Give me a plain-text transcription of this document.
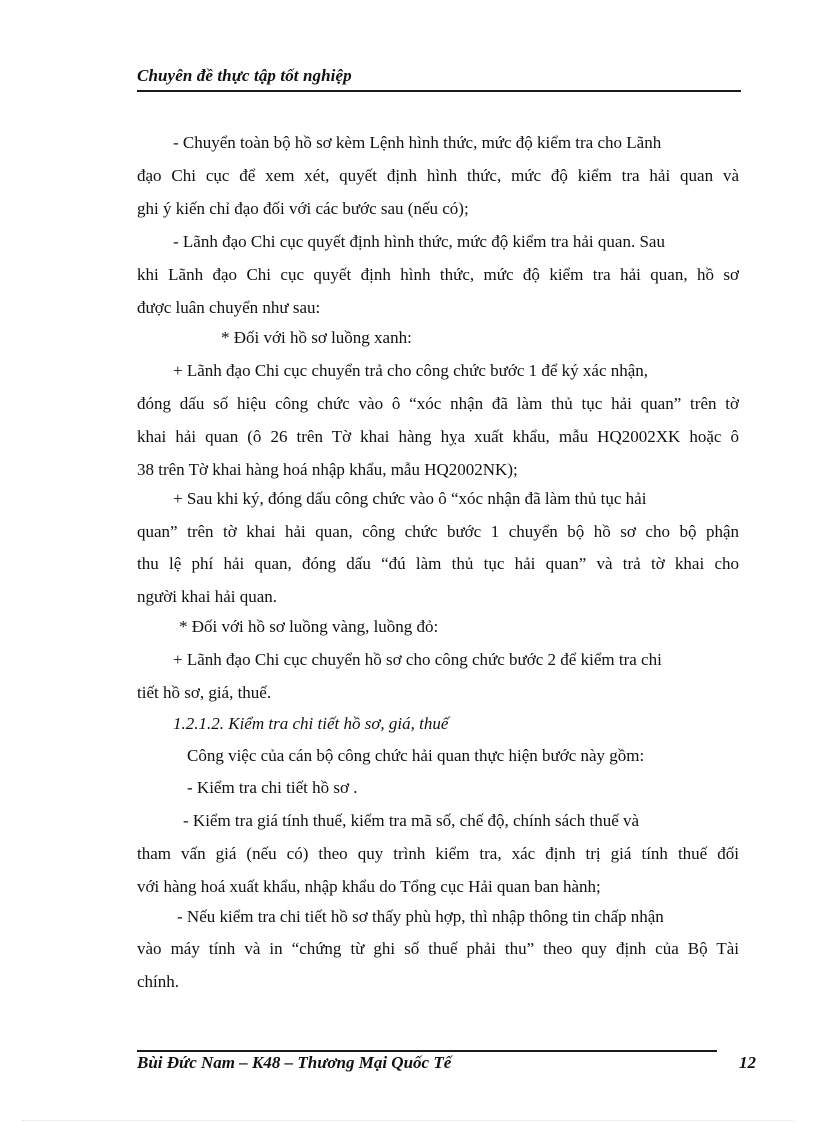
Chuyên đề thực tập tốt nghiệp
- Chuyển toàn bộ hồ sơ kèm Lệnh hình thức, mức độ kiểm tra cho Lãnh
đạo Chi cục để xem xét, quyết định hình thức, mức độ kiểm tra hải quan và
ghi ý kiến chỉ đạo đối với các bước sau (nếu có);
- Lãnh đạo Chi cục quyết định hình thức, mức độ kiểm tra hải quan. Sau
khi Lãnh đạo Chi cục quyết định hình thức, mức độ kiểm tra hải quan, hồ sơ
được luân chuyển như sau:
* Đối với hồ sơ luồng xanh:
+ Lãnh đạo Chi cục chuyển trả cho công chức bước 1 để ký xác nhận,
đóng dấu số hiệu công chức vào ô “xóc nhận đã làm thủ tục hải quan” trên tờ
khai hải quan (ô 26 trên Tờ khai hàng hỵa xuất khẩu, mẫu HQ2002XK hoặc ô
38 trên Tờ khai hàng hoá nhập khẩu, mẫu HQ2002NK);
+ Sau khi ký, đóng dấu công chức vào ô “xóc nhận đã làm thủ tục hải
quan” trên tờ khai hải quan, công chức bước 1 chuyển bộ hồ sơ cho bộ phận
thu lệ phí hải quan, đóng dấu “đú làm thủ tục hải quan” và trả tờ khai cho
người khai hải quan.
* Đối với hồ sơ luồng vàng, luồng đỏ:
+ Lãnh đạo Chi cục chuyển hồ sơ cho công chức bước 2 để kiểm tra chi
tiết hồ sơ, giá, thuế.
1.2.1.2. Kiểm tra chi tiết hồ sơ, giá, thuế
Công việc của cán bộ công chức hải quan thực hiện bước này gồm:
- Kiểm tra chi tiết hồ sơ .
- Kiểm tra giá tính thuế, kiểm tra mã số, chế độ, chính sách thuế và
tham vấn giá (nếu có) theo quy trình kiểm tra, xác định trị giá tính thuế đối
với hàng hoá xuất khẩu, nhập khẩu do Tổng cục Hải quan ban hành;
- Nếu kiểm tra chi tiết hồ sơ thấy phù hợp, thì nhập thông tin chấp nhận
vào máy tính và in “chứng từ ghi số thuế phải thu” theo quy định của Bộ Tài
chính.
Bùi Đức Nam – K48 – Thương Mại Quốc Tế	12
